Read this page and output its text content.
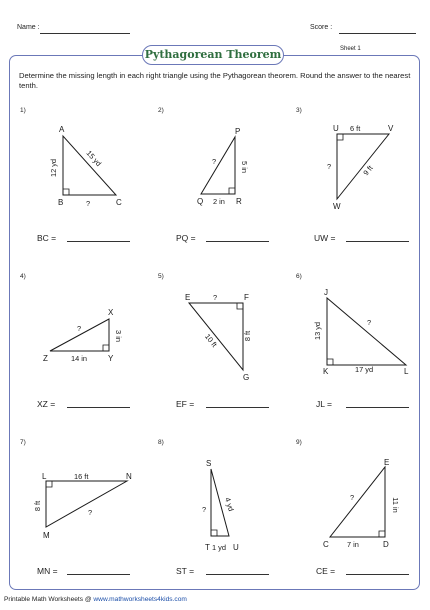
Name :	Score :
Pythagorean Theorem	Sheet 1
Determine the missing length in each right triangle using the Pythagorean theorem. Round the answer to the nearest tenth.
1)	2)	3)
4)	5)	6)
7)	8)	9)
A
B	C
12 yd	15 yd
?
P
Q	R
5 in
2 in
?
U	V
W
6 ft
9 ft
?
X
Y
Z
3 in
14 in
?
E	F
G
?
8 ft
10 ft
J
K	L
13 yd
17 yd
?
L	N
M
16 ft
8 ft
?
S
T	U
? 4 yd
1 yd
E
C	D
11 in
7 in
?
BC =	PQ =	UW =
XZ =	EF =	JL =
MN =	ST =	CE =
Printable Math Worksheets @ www.mathworksheets4kids.com
